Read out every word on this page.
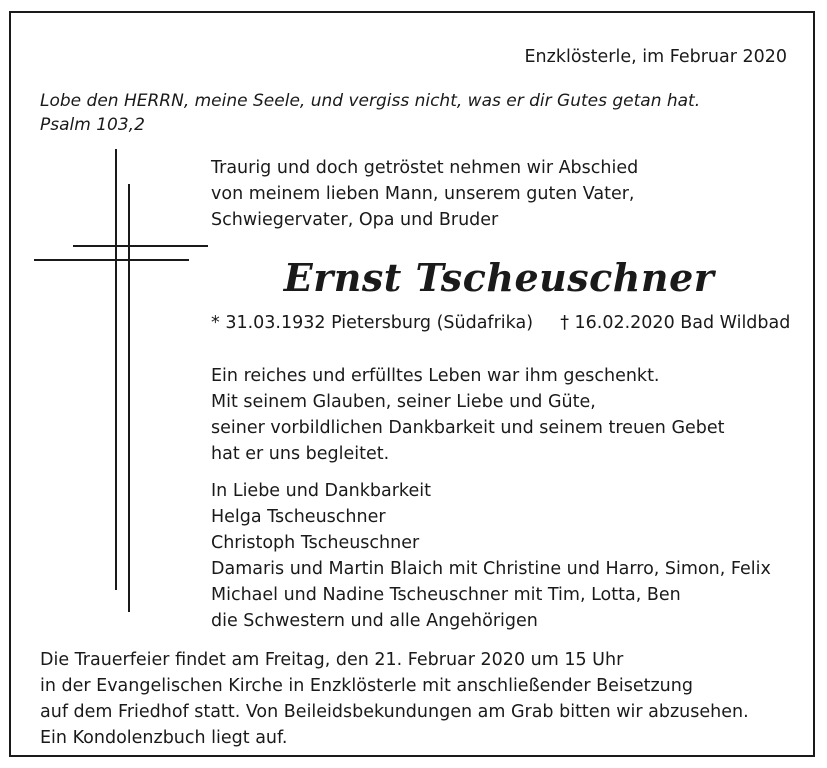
Enzklösterle, im Februar 2020
Lobe den HERRN, meine Seele, und vergiss nicht, was er dir Gutes getan hat.
Psalm 103,2
Traurig und doch getröstet nehmen wir Abschied
von meinem lieben Mann, unserem guten Vater,
Schwiegervater, Opa und Bruder
Ernst Tscheuschner
* 31.03.1932 Pietersburg (Südafrika) † 16.02.2020 Bad Wildbad
Ein reiches und erfülltes Leben war ihm geschenkt.
Mit seinem Glauben, seiner Liebe und Güte,
seiner vorbildlichen Dankbarkeit und seinem treuen Gebet
hat er uns begleitet.
In Liebe und Dankbarkeit
Helga Tscheuschner
Christoph Tscheuschner
Damaris und Martin Blaich mit Christine und Harro, Simon, Felix
Michael und Nadine Tscheuschner mit Tim, Lotta, Ben
die Schwestern und alle Angehörigen
Die Trauerfeier findet am Freitag, den 21. Februar 2020 um 15 Uhr
in der Evangelischen Kirche in Enzklösterle mit anschließender Beisetzung
auf dem Friedhof statt. Von Beileidsbekundungen am Grab bitten wir abzusehen.
Ein Kondolenzbuch liegt auf.
